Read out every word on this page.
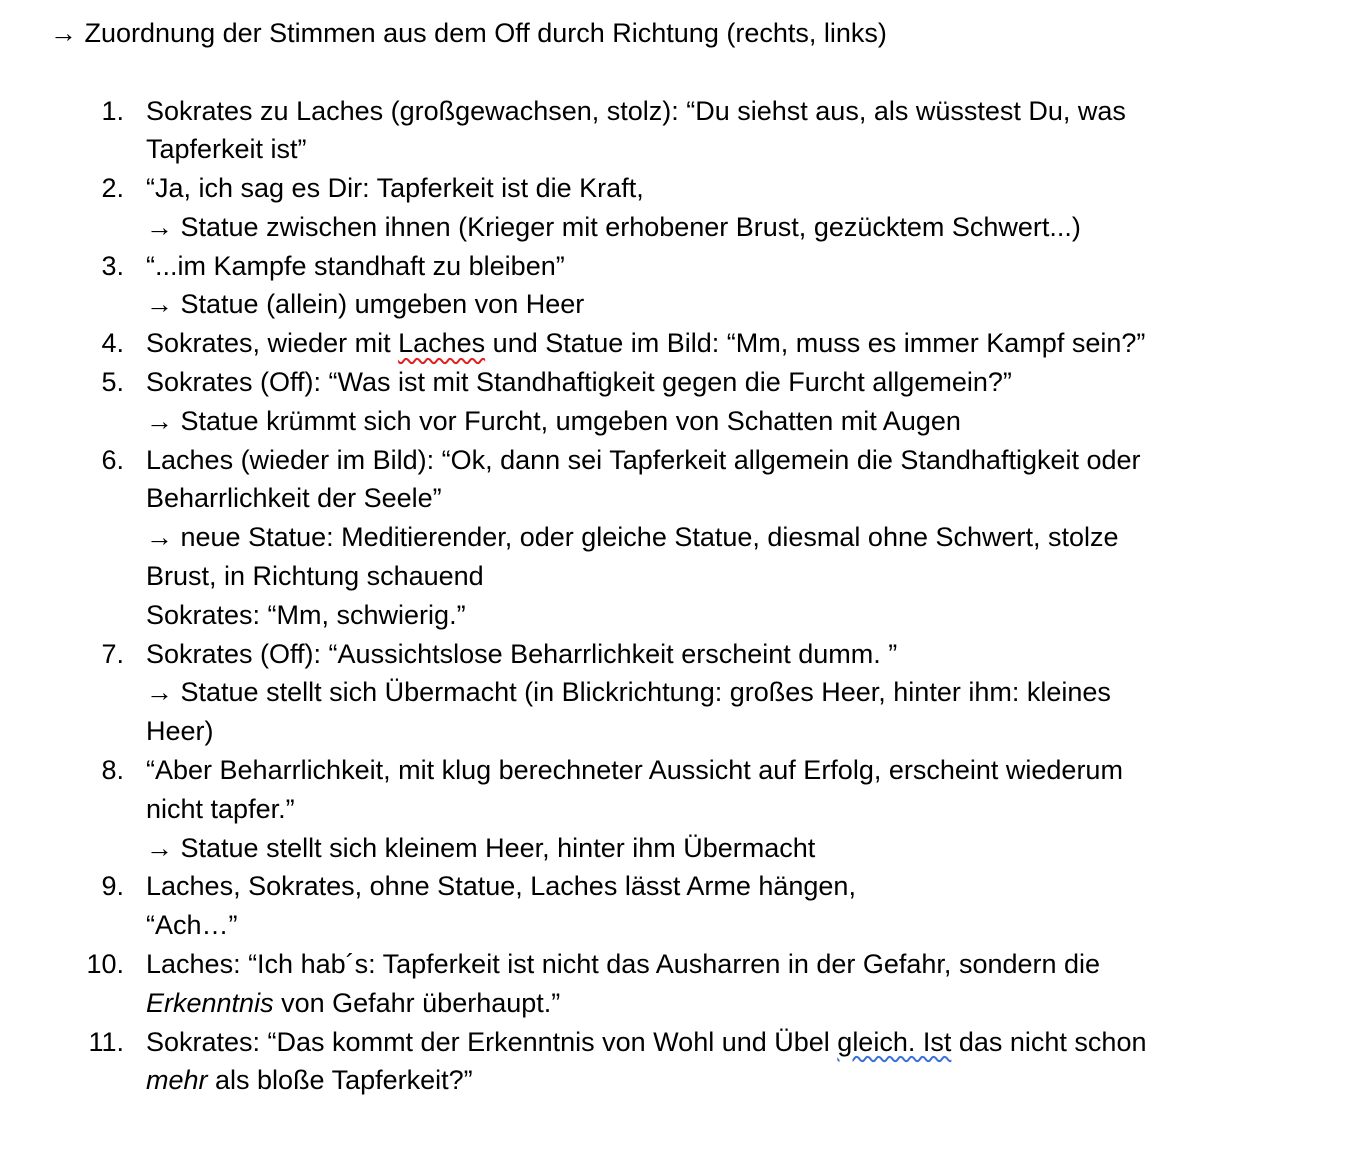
→ Zuordnung der Stimmen aus dem Off durch Richtung (rechts, links)
1. Sokrates zu Laches (großgewachsen, stolz): “Du siehst aus, als wüsstest Du, was
Tapferkeit ist”
2. “Ja, ich sag es Dir: Tapferkeit ist die Kraft,
→ Statue zwischen ihnen (Krieger mit erhobener Brust, gezücktem Schwert...)
3. “...im Kampfe standhaft zu bleiben”
→ Statue (allein) umgeben von Heer
4. Sokrates, wieder mit Laches und Statue im Bild: “Mm, muss es immer Kampf sein?”
5. Sokrates (Off): “Was ist mit Standhaftigkeit gegen die Furcht allgemein?”
→ Statue krümmt sich vor Furcht, umgeben von Schatten mit Augen
6. Laches (wieder im Bild): “Ok, dann sei Tapferkeit allgemein die Standhaftigkeit oder
Beharrlichkeit der Seele”
→ neue Statue: Meditierender, oder gleiche Statue, diesmal ohne Schwert, stolze
Brust, in Richtung schauend
Sokrates: “Mm, schwierig.”
7. Sokrates (Off): “Aussichtslose Beharrlichkeit erscheint dumm. ”
→ Statue stellt sich Übermacht (in Blickrichtung: großes Heer, hinter ihm: kleines
Heer)
8. “Aber Beharrlichkeit, mit klug berechneter Aussicht auf Erfolg, erscheint wiederum
nicht tapfer.”
→ Statue stellt sich kleinem Heer, hinter ihm Übermacht
9. Laches, Sokrates, ohne Statue, Laches lässt Arme hängen,
“Ach…”
10. Laches: “Ich hab´s: Tapferkeit ist nicht das Ausharren in der Gefahr, sondern die
Erkenntnis von Gefahr überhaupt.”
11. Sokrates: “Das kommt der Erkenntnis von Wohl und Übel gleich. Ist das nicht schon
mehr als bloße Tapferkeit?”
